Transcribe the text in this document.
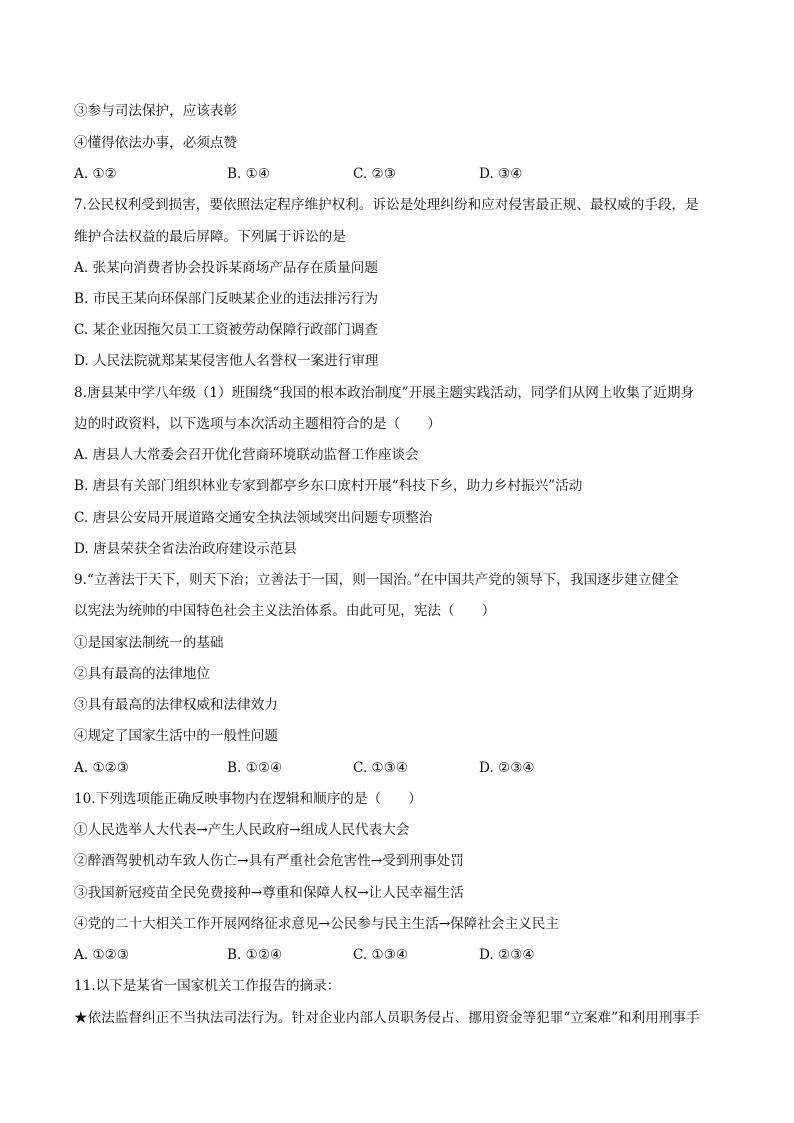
③参与司法保护，应该表彰
④懂得依法办事，必须点赞
A. ①②	B. ①④	C. ②③	D. ③④
7.公民权利受到损害，要依照法定程序维护权利。诉讼是处理纠纷和应对侵害最正规、最权威的手段，是
维护合法权益的最后屏障。下列属于诉讼的是
A. 张某向消费者协会投诉某商场产品存在质量问题
B. 市民王某向环保部门反映某企业的违法排污行为
C. 某企业因拖欠员工工资被劳动保障行政部门调查
D. 人民法院就郑某某侵害他人名誉权一案进行审理
8.唐县某中学八年级（1）班围绕“我国的根本政治制度”开展主题实践活动，同学们从网上收集了近期身
边的时政资料，以下选项与本次活动主题相符合的是（　　）
A. 唐县人大常委会召开优化营商环境联动监督工作座谈会
B. 唐县有关部门组织林业专家到都亭乡东口庻村开展“科技下乡，助力乡村振兴”活动
C. 唐县公安局开展道路交通安全执法领域突出问题专项整治
D. 唐县荣获全省法治政府建设示范县
9.“立善法于天下，则天下治；立善法于一国，则一国治。”在中国共产党的领导下，我国逐步建立健全
以宪法为统帅的中国特色社会主义法治体系。由此可见，宪法（　　）
①是国家法制统一的基础
②具有最高的法律地位
③具有最高的法律权威和法律效力
④规定了国家生活中的一般性问题
A. ①②③	B. ①②④	C. ①③④	D. ②③④
10.下列选项能正确反映事物内在逻辑和顺序的是（　　）
①人民选举人大代表→产生人民政府→组成人民代表大会
②醉酒驾驶机动车致人伤亡→具有严重社会危害性→受到刑事处罚
③我国新冠疫苗全民免费接种→尊重和保障人权→让人民幸福生活
④党的二十大相关工作开展网络征求意见→公民参与民主生活→保障社会主义民主
A. ①②③	B. ①②④	C. ①③④	D. ②③④
11.以下是某省一国家机关工作报告的摘录：
★依法监督纠正不当执法司法行为。针对企业内部人员职务侵占、挪用资金等犯罪“立案难”和利用刑事手
